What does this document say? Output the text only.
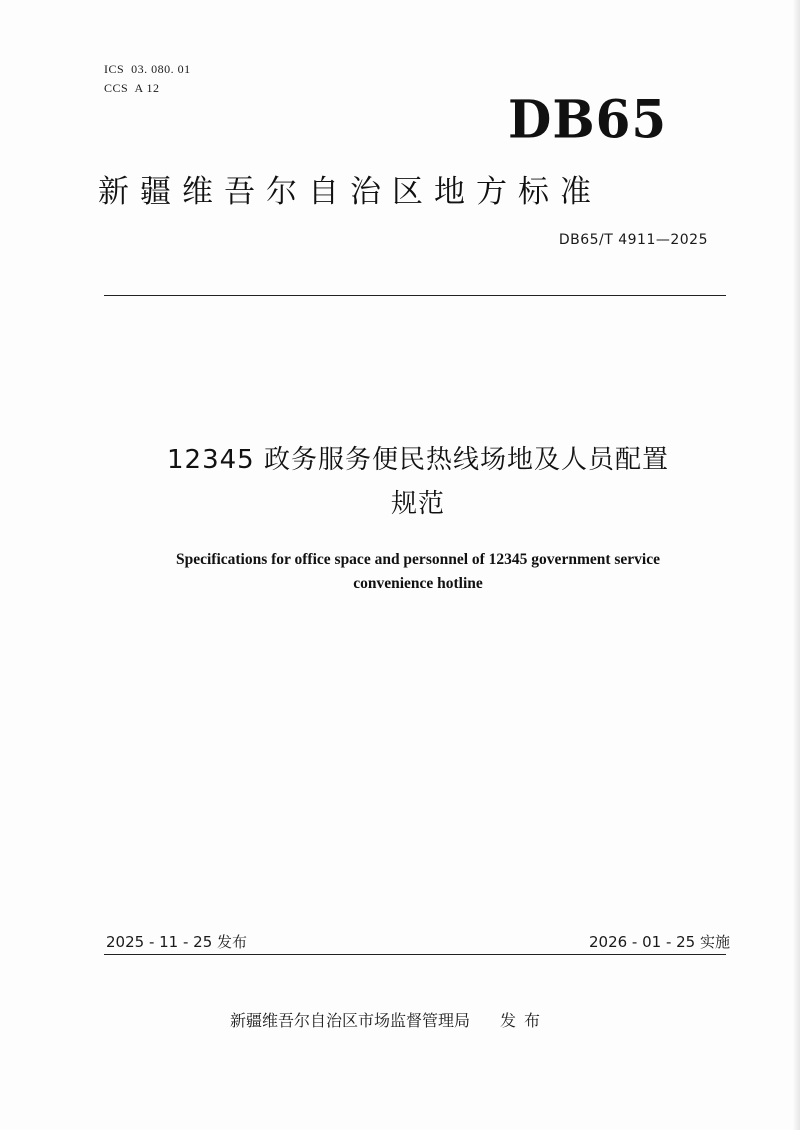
ICS  03. 080. 01
CCS  A 12	DB65
新疆维吾尔自治区地方标准
DB65/T 4911—2025
12345 政务服务便民热线场地及人员配置
规范
Specifications for office space and personnel of 12345 government service
convenience hotline
2025 - 11 - 25 发布	2026 - 01 - 25 实施
新疆维吾尔自治区市场监督管理局 发布
